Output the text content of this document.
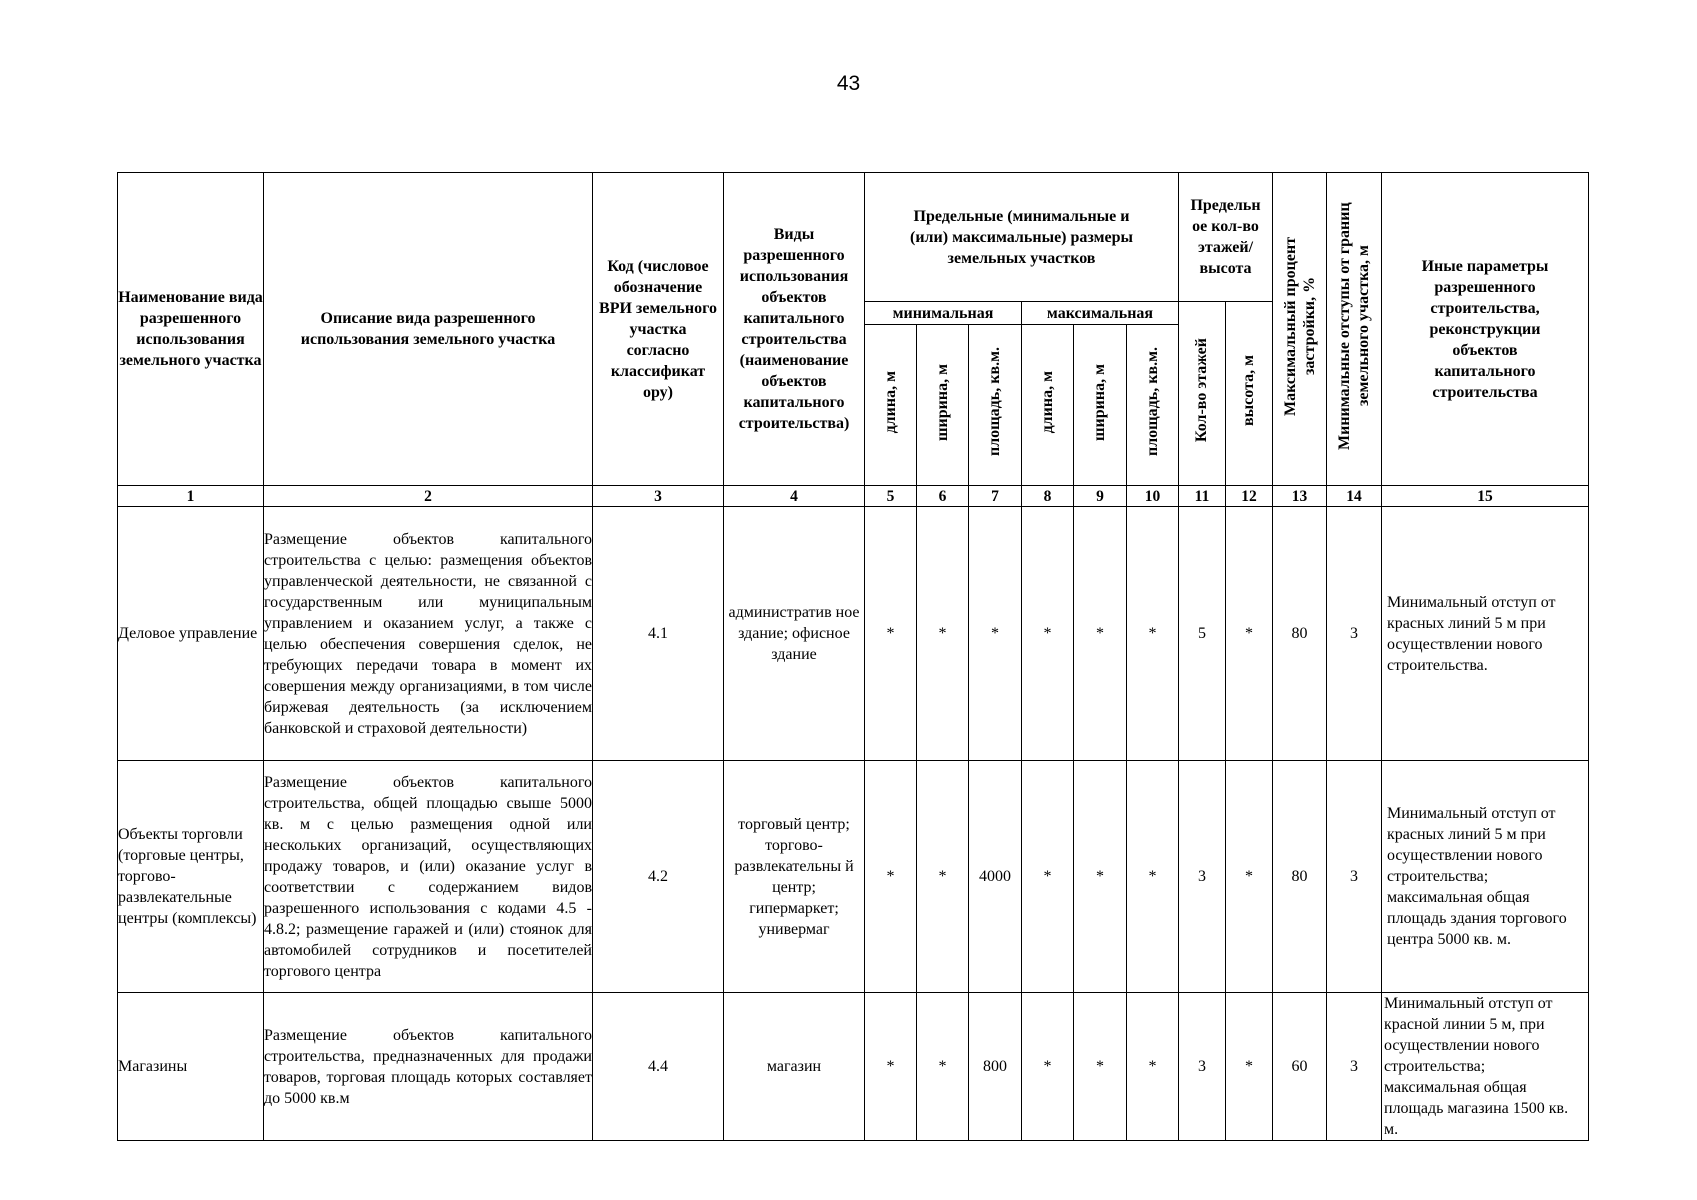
43
Наименование вида разрешенного использования земельного участка	Описание вида разрешенного использования земельного участка	Код (числовое обозначение ВРИ земельного участка согласно классификат ору)	Виды разрешенного использования объектов капитального строительства (наименование объектов капитального строительства)	Предельные (минимальные и (или) максимальные) размеры земельных участков						Предельн ое кол-во этажей/ высота		Максимальный процент застройки, %	Минимальные отступы от границ земельного участка, м	Иные параметры разрешенного строительства, реконструкции объектов капитального строительства
				минимальная			максимальная			Кол-во этажей	высота, м			
				длина, м	ширина, м	площадь, кв.м.	длина, м	ширина, м	площадь, кв.м.					
1	2	3	4	5	6	7	8	9	10	11	12	13	14	15
Деловое управление	Размещение объектов капитального строительства с целью: размещения объектов управленческой деятельности, не связанной с государственным или муниципальным управлением и оказанием услуг, а также с целью обеспечения совершения сделок, не требующих передачи товара в момент их совершения между организациями, в том числе биржевая деятельность (за исключением банковской и страховой деятельности)	4.1	административ ное здание; офисное здание	*	*	*	*	*	*	5	*	80	3	Минимальный отступ от красных линий 5 м при осуществлении нового строительства.
Объекты торговли (торговые центры, торгово-развлекательные центры (комплексы)	Размещение объектов капитального строительства, общей площадью свыше 5000 кв. м с целью размещения одной или нескольких организаций, осуществляющих продажу товаров, и (или) оказание услуг в соответствии с содержанием видов разрешенного использования с кодами 4.5 - 4.8.2; размещение гаражей и (или) стоянок для автомобилей сотрудников и посетителей торгового центра	4.2	торговый центр; торгово-развлекательны й центр; гипермаркет; универмаг	*	*	4000	*	*	*	3	*	80	3	Минимальный отступ от красных линий 5 м при осуществлении нового строительства; максимальная общая площадь здания торгового центра 5000 кв. м.
Магазины	Размещение объектов капитального строительства, предназначенных для продажи товаров, торговая площадь которых составляет до 5000 кв.м	4.4	магазин	*	*	800	*	*	*	3	*	60	3	Минимальный отступ от красной линии 5 м, при осуществлении нового строительства; максимальная общая площадь магазина 1500 кв. м.
